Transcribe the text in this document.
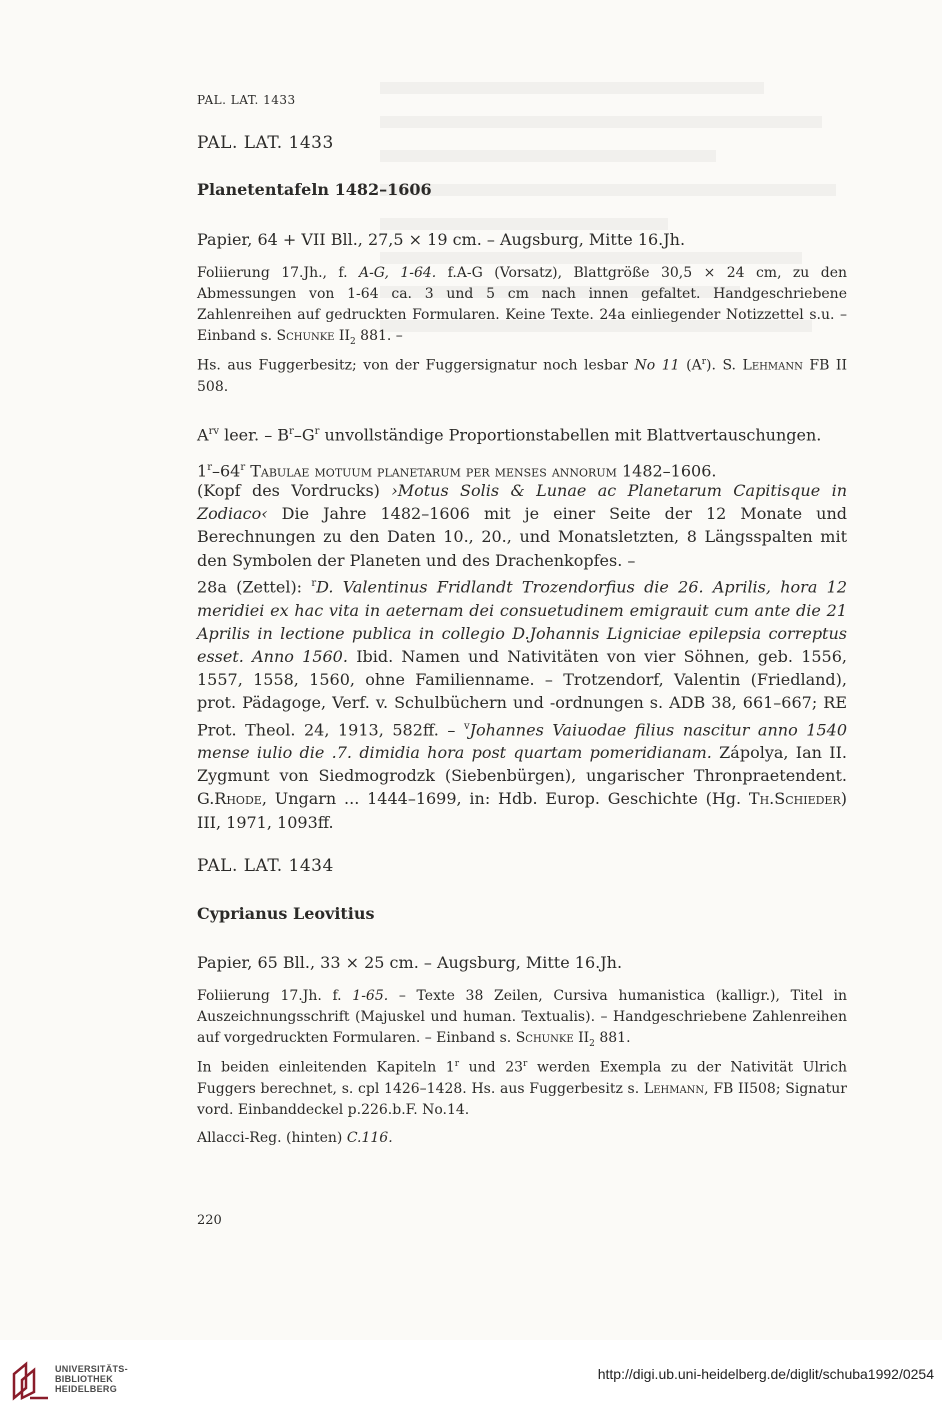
PAL. LAT. 1433
PAL. LAT. 1433
Planetentafeln 1482–1606
Papier, 64 + VII Bll., 27,5 × 19 cm. – Augsburg, Mitte 16.Jh.
Foliierung 17.Jh., f. A-G, 1-64. f.A-G (Vorsatz), Blattgröße 30,5 × 24 cm, zu den Abmessungen von 1-64 ca. 3 und 5 cm nach innen gefaltet. Handgeschriebene Zahlenreihen auf gedruckten Formularen. Keine Texte. 24a einliegender Notizzettel s.u. – Einband s. Schunke $II_2$ 881. –
Hs. aus Fuggerbesitz; von der Fuggersignatur noch lesbar No 11 $(A^r)$. S. Lehmann FB II 508.
$A^{rv}$ leer. – $B^r-G^r$ unvollständige Proportionstabellen mit Blattvertauschungen.
1$^r$–64$^r$ Tabulae motuum planetarum per menses annorum 1482–1606.
(Kopf des Vordrucks) ›Motus Solis & Lunae ac Planetarum Capitisque in Zodiaco‹ Die Jahre 1482–1606 mit je einer Seite der 12 Monate und Berechnungen zu den Daten 10., 20., und Monatsletzten, 8 Längsspalten mit den Symbolen der Planeten und des Drachenkopfes. –
28a (Zettel): $^r$D. Valentinus Fridlandt Trozendorfius die 26. Aprilis, hora 12 meridiei ex hac vita in aeternam dei consuetudinem emigrauit cum ante die 21 Aprilis in lectione publica in collegio D.Johannis Ligniciae epilepsia correptus esset. Anno 1560. Ibid. Namen und Nativitäten von vier Söhnen, geb. 1556, 1557, 1558, 1560, ohne Familienname. – Trotzendorf, Valentin (Friedland), prot. Pädagoge, Verf. v. Schulbüchern und -ordnungen s. ADB 38, 661–667; RE Prot. Theol. 24, 1913, 582ff. – $^v$Johannes Vaiuodae filius nascitur anno 1540 mense iulio die .7. dimidia hora post quartam pomeridianam. Zápolya, Ian II. Zygmunt von Siedmogrodzk (Siebenbürgen), ungarischer Thronpraetendent. G.Rhode, Ungarn ... 1444–1699, in: Hdb. Europ. Geschichte (Hg. Th.Schieder) III, 1971, 1093ff.
PAL. LAT. 1434
Cyprianus Leovitius
Papier, 65 Bll., 33 × 25 cm. – Augsburg, Mitte 16.Jh.
Foliierung 17.Jh. f. 1-65. – Texte 38 Zeilen, Cursiva humanistica (kalligr.), Titel in Auszeichnungsschrift (Majuskel und human. Textualis). – Handgeschriebene Zahlenreihen auf vorgedruckten Formularen. – Einband s. Schunke $II_2$ 881.
In beiden einleitenden Kapiteln 1$^r$ und 23$^r$ werden Exempla zu der Nativität Ulrich Fuggers berechnet, s. cpl 1426–1428. Hs. aus Fuggerbesitz s. Lehmann, FB II508; Signatur vord. Einbanddeckel p.226.b.F. No.14.
Allacci-Reg. (hinten) C.116.
220
UNIVERSITÄTS-
BIBLIOTHEK
HEIDELBERG
http://digi.ub.uni-heidelberg.de/diglit/schuba1992/0254
